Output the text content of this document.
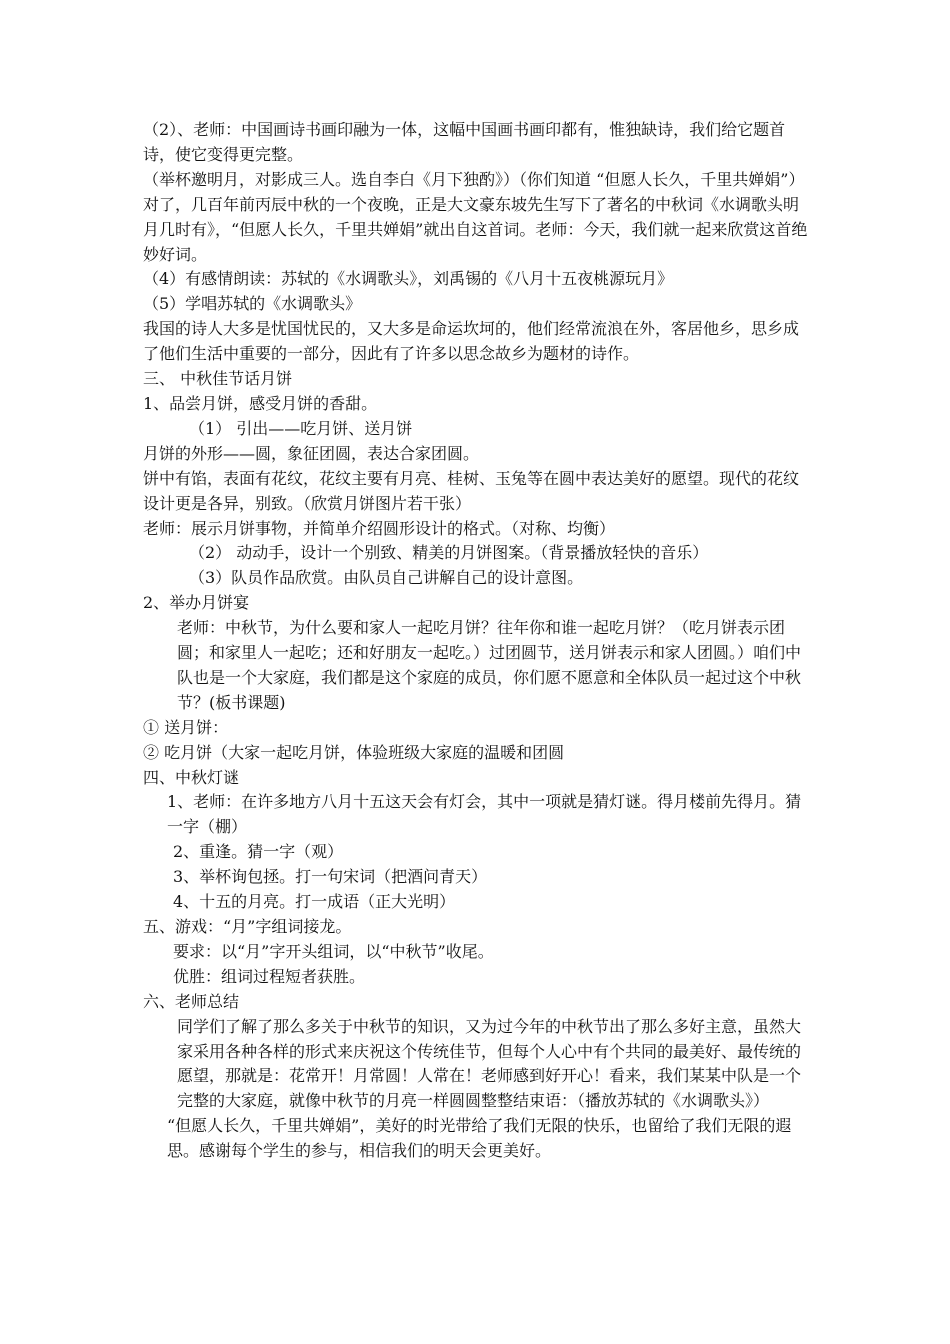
（2）、老师：中国画诗书画印融为一体，这幅中国画书画印都有，惟独缺诗，我们给它题首诗，使它变得更完整。
（举杯邀明月，对影成三人。选自李白《月下独酌》）（你们知道 “但愿人长久，千里共婵娟”）对了，几百年前丙辰中秋的一个夜晚，正是大文豪东坡先生写下了著名的中秋词《水调歌头明月几时有》，“但愿人长久，千里共婵娟”就出自这首词。老师：今天，我们就一起来欣赏这首绝妙好词。
（4）有感情朗读：苏轼的《水调歌头》，刘禹锡的《八月十五夜桃源玩月》
（5）学唱苏轼的《水调歌头》
我国的诗人大多是忧国忧民的，又大多是命运坎坷的，他们经常流浪在外，客居他乡，思乡成了他们生活中重要的一部分，因此有了许多以思念故乡为题材的诗作。
三、 中秋佳节话月饼
1、品尝月饼，感受月饼的香甜。
（1） 引出——吃月饼、送月饼
月饼的外形——圆，象征团圆，表达合家团圆。
饼中有馅，表面有花纹，花纹主要有月亮、桂树、玉兔等在圆中表达美好的愿望。现代的花纹设计更是各异，别致。（欣赏月饼图片若干张）
老师：展示月饼事物，并简单介绍圆形设计的格式。（对称、均衡）
（2） 动动手，设计一个别致、精美的月饼图案。（背景播放轻快的音乐）
（3）队员作品欣赏。由队员自己讲解自己的设计意图。
2、举办月饼宴
老师：中秋节，为什么要和家人一起吃月饼？往年你和谁一起吃月饼？（吃月饼表示团圆；和家里人一起吃；还和好朋友一起吃。）过团圆节，送月饼表示和家人团圆。）咱们中队也是一个大家庭，我们都是这个家庭的成员，你们愿不愿意和全体队员一起过这个中秋节？(板书课题)
① 送月饼：
② 吃月饼（大家一起吃月饼，体验班级大家庭的温暖和团圆
四、中秋灯谜
1、老师：在许多地方八月十五这天会有灯会，其中一项就是猜灯谜。得月楼前先得月。猜一字（棚）
2、重逢。猜一字（观）
3、举杯询包拯。打一句宋词（把酒问青天）
4、十五的月亮。打一成语（正大光明）
五、游戏：“月”字组词接龙。
要求：以“月”字开头组词，以“中秋节”收尾。
优胜：组词过程短者获胜。
六、老师总结
同学们了解了那么多关于中秋节的知识，又为过今年的中秋节出了那么多好主意，虽然大家采用各种各样的形式来庆祝这个传统佳节，但每个人心中有个共同的最美好、最传统的愿望，那就是：花常开！月常圆！人常在！老师感到好开心！看来，我们某某中队是一个完整的大家庭，就像中秋节的月亮一样圆圆整整结束语：（播放苏轼的《水调歌头》）
“但愿人长久，千里共婵娟”，美好的时光带给了我们无限的快乐，也留给了我们无限的遐思。感谢每个学生的参与，相信我们的明天会更美好。
